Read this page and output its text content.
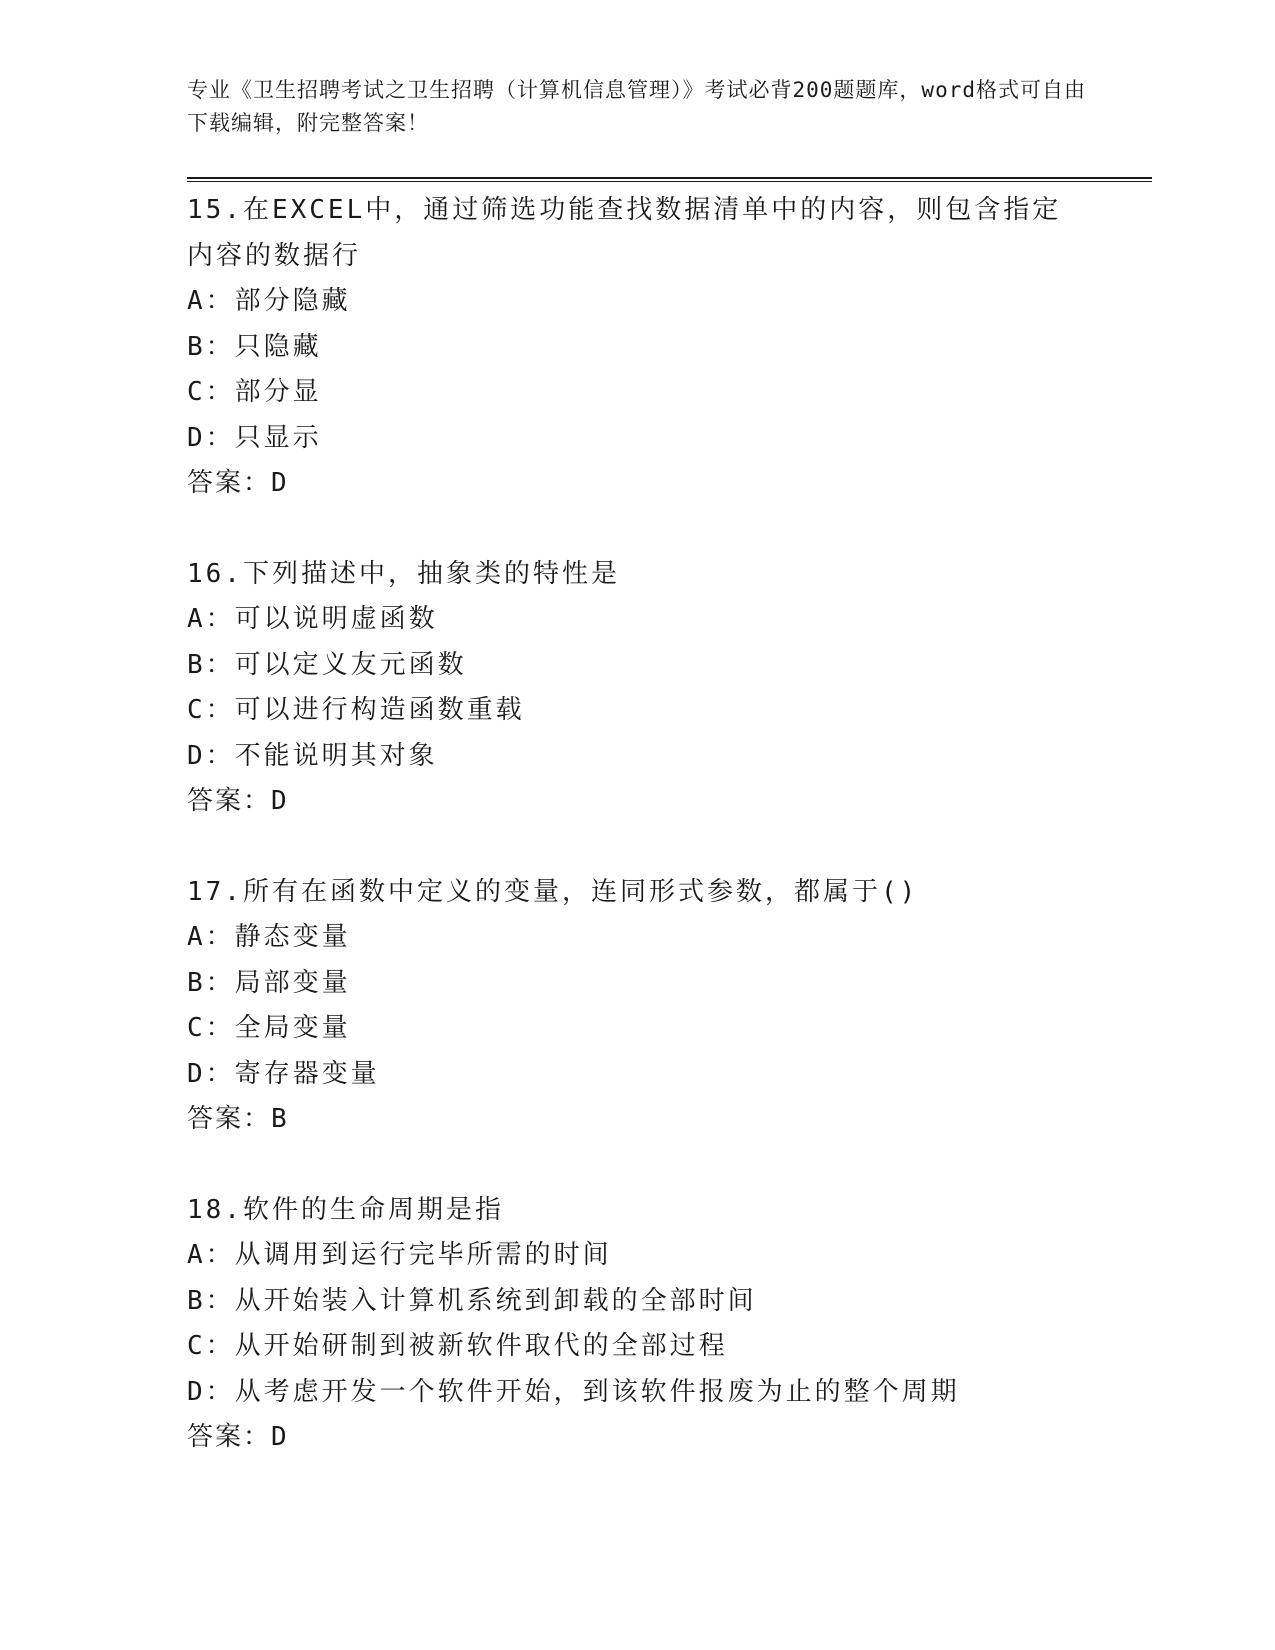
专业《卫生招聘考试之卫生招聘（计算机信息管理）》考试必背200题题库，word格式可自由下载编辑，附完整答案！
15.在EXCEL中，通过筛选功能查找数据清单中的内容，则包含指定内容的数据行
A：部分隐藏
B：只隐藏
C：部分显
D：只显示
答案：D
16.下列描述中，抽象类的特性是
A：可以说明虚函数
B：可以定义友元函数
C：可以进行构造函数重载
D：不能说明其对象
答案：D
17.所有在函数中定义的变量，连同形式参数，都属于()
A：静态变量
B：局部变量
C：全局变量
D：寄存器变量
答案：B
18.软件的生命周期是指
A：从调用到运行完毕所需的时间
B：从开始装入计算机系统到卸载的全部时间
C：从开始研制到被新软件取代的全部过程
D：从考虑开发一个软件开始，到该软件报废为止的整个周期
答案：D
